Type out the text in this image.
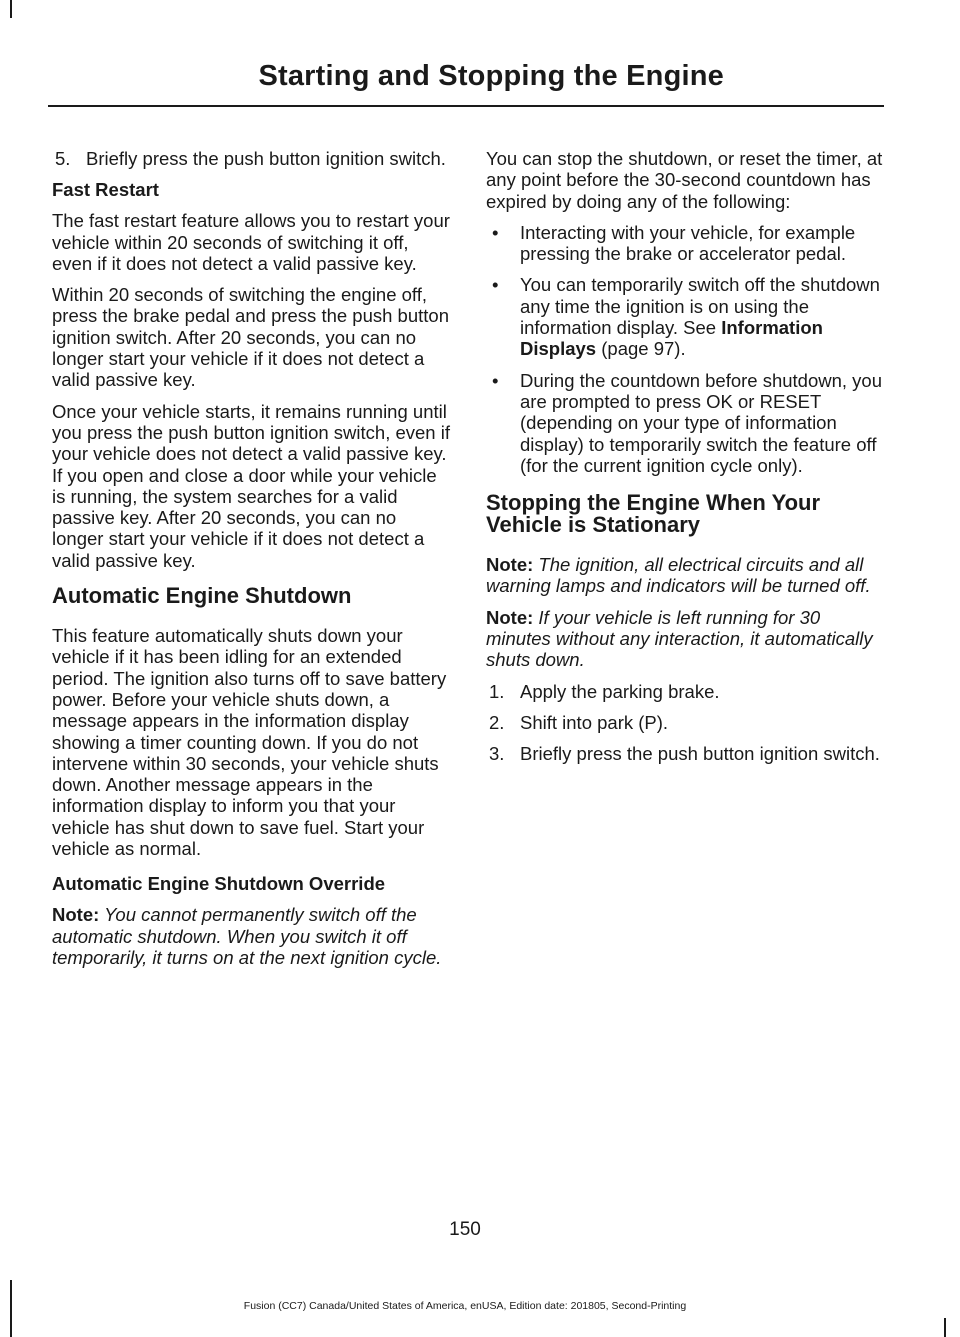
Starting and Stopping the Engine
5. Briefly press the push button ignition switch.
Fast Restart

The fast restart feature allows you to restart your vehicle within 20 seconds of switching it off, even if it does not detect a valid passive key.

Within 20 seconds of switching the engine off, press the brake pedal and press the push button ignition switch. After 20 seconds, you can no longer start your vehicle if it does not detect a valid passive key.

Once your vehicle starts, it remains running until you press the push button ignition switch, even if your vehicle does not detect a valid passive key. If you open and close a door while your vehicle is running, the system searches for a valid passive key. After 20 seconds, you can no longer start your vehicle if it does not detect a valid passive key.

Automatic Engine Shutdown

This feature automatically shuts down your vehicle if it has been idling for an extended period. The ignition also turns off to save battery power. Before your vehicle shuts down, a message appears in the information display showing a timer counting down. If you do not intervene within 30 seconds, your vehicle shuts down. Another message appears in the information display to inform you that your vehicle has shut down to save fuel. Start your vehicle as normal.

Automatic Engine Shutdown Override

Note: You cannot permanently switch off the automatic shutdown. When you switch it off temporarily, it turns on at the next ignition cycle.

You can stop the shutdown, or reset the timer, at any point before the 30-second countdown has expired by doing any of the following:

• Interacting with your vehicle, for example pressing the brake or accelerator pedal.
• You can temporarily switch off the shutdown any time the ignition is on using the information display. See Information Displays (page 97).
• During the countdown before shutdown, you are prompted to press OK or RESET (depending on your type of information display) to temporarily switch the feature off (for the current ignition cycle only).
Stopping the Engine When Your Vehicle is Stationary

Note: The ignition, all electrical circuits and all warning lamps and indicators will be turned off.

Note: If your vehicle is left running for 30 minutes without any interaction, it automatically shuts down.

1. Apply the parking brake.
2. Shift into park (P).
3. Briefly press the push button ignition switch.
150
Fusion (CC7) Canada/United States of America, enUSA, Edition date: 201805, Second-Printing
